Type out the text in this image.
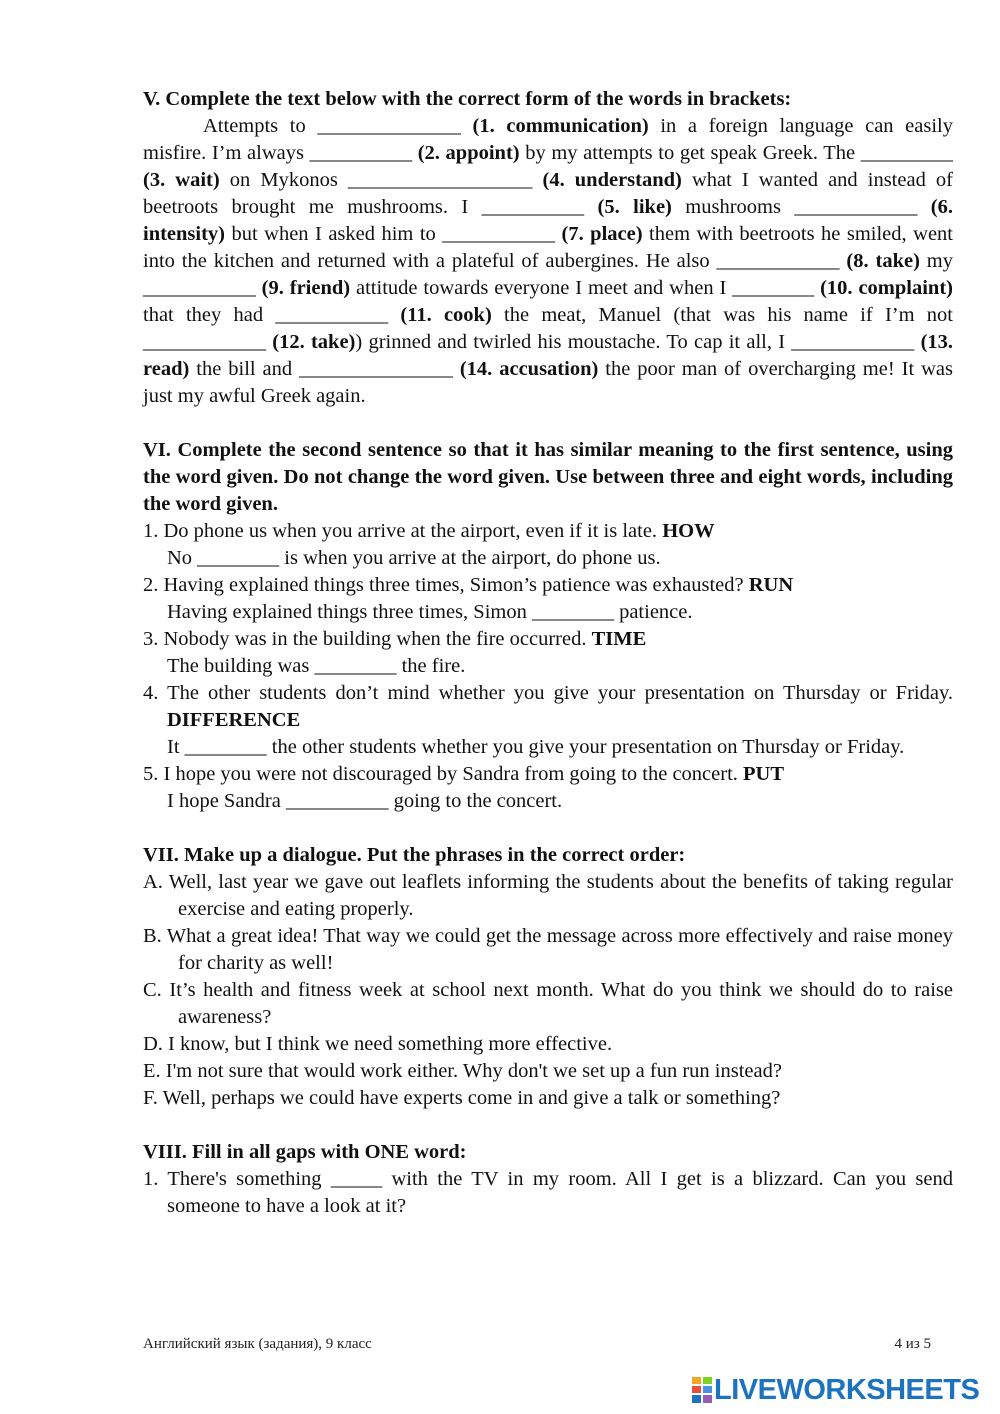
V. Complete the text below with the correct form of the words in brackets:

Attempts to ______________ (1. communication) in a foreign language can easily misfire. I’m always __________ (2. appoint) by my attempts to get speak Greek. The _________ (3. wait) on Mykonos __________________ (4. understand) what I wanted and instead of beetroots brought me mushrooms. I __________ (5. like) mushrooms ____________ (6. intensity) but when I asked him to ___________ (7. place) them with beetroots he smiled, went into the kitchen and returned with a plateful of aubergines. He also ____________ (8. take) my ___________ (9. friend) attitude towards everyone I meet and when I ________ (10. complaint) that they had ___________ (11. cook) the meat, Manuel (that was his name if I’m not ____________ (12. take)) grinned and twirled his moustache. To cap it all, I ____________ (13. read) the bill and _______________ (14. accusation) the poor man of overcharging me! It was just my awful Greek again.

VI. Complete the second sentence so that it has similar meaning to the first sentence, using the word given. Do not change the word given. Use between three and eight words, including the word given.

1. Do phone us when you arrive at the airport, even if it is late. HOW
No ________ is when you arrive at the airport, do phone us.

2. Having explained things three times, Simon’s patience was exhausted? RUN
Having explained things three times, Simon ________ patience.

3. Nobody was in the building when the fire occurred. TIME
The building was ________ the fire.

4. The other students don’t mind whether you give your presentation on Thursday or Friday. DIFFERENCE
It ________ the other students whether you give your presentation on Thursday or Friday.

5. I hope you were not discouraged by Sandra from going to the concert. PUT
I hope Sandra __________ going to the concert.

VII. Make up a dialogue. Put the phrases in the correct order:

A. Well, last year we gave out leaflets informing the students about the benefits of taking regular exercise and eating properly.

B. What a great idea! That way we could get the message across more effectively and raise money for charity as well!

C. It’s health and fitness week at school next month. What do you think we should do to raise awareness?

D. I know, but I think we need something more effective.

E. I'm not sure that would work either. Why don't we set up a fun run instead?

F. Well, perhaps we could have experts come in and give a talk or something?

VIII. Fill in all gaps with ONE word:

1. There's something _____ with the TV in my room. All I get is a blizzard. Can you send someone to have a look at it?

Английский язык (задания), 9 класс	4 из 5
LIVEWORKSHEETS
